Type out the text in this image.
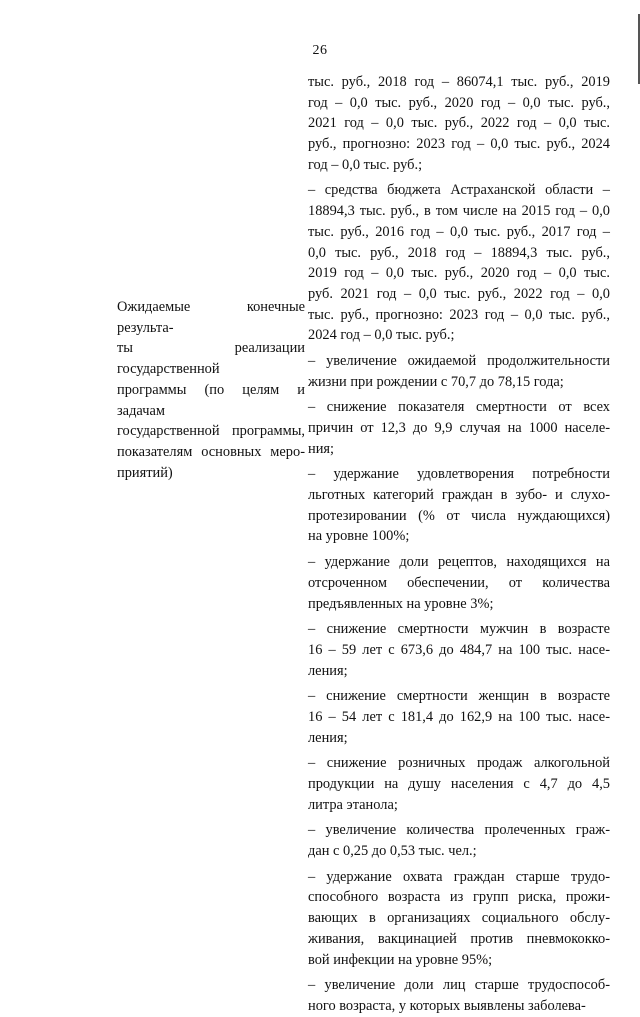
26
Ожидаемые конечные результа-
ты реализации государственной
программы (по целям и задачам
государственной программы,
показателям основных меро-
приятий)
тыс. руб., 2018 год – 86074,1 тыс. руб., 2019
год – 0,0 тыс. руб., 2020 год – 0,0 тыс. руб.,
2021 год – 0,0 тыс. руб., 2022 год – 0,0 тыс.
руб., прогнозно: 2023 год – 0,0 тыс. руб., 2024
год – 0,0 тыс. руб.;
– средства бюджета Астраханской области –
18894,3 тыс. руб., в том числе на 2015 год – 0,0
тыс. руб., 2016 год – 0,0 тыс. руб., 2017 год –
0,0 тыс. руб., 2018 год – 18894,3 тыс. руб.,
2019 год – 0,0 тыс. руб., 2020 год – 0,0 тыс.
руб. 2021 год – 0,0 тыс. руб., 2022 год – 0,0
тыс. руб., прогнозно: 2023 год – 0,0 тыс. руб.,
2024 год – 0,0 тыс. руб.;
– увеличение ожидаемой продолжительности
жизни при рождении с 70,7 до 78,15 года;
– снижение показателя смертности от всех
причин от 12,3 до 9,9 случая на 1000 населе-
ния;
– удержание удовлетворения потребности
льготных категорий граждан в зубо- и слухо-
протезировании (% от числа нуждающихся)
на уровне 100%;
– удержание доли рецептов, находящихся на
отсроченном обеспечении, от количества
предъявленных на уровне 3%;
– снижение смертности мужчин в возрасте
16 – 59 лет с 673,6 до 484,7 на 100 тыс. насе-
ления;
– снижение смертности женщин в возрасте
16 – 54 лет с 181,4 до 162,9 на 100 тыс. насе-
ления;
– снижение розничных продаж алкогольной
продукции на душу населения с 4,7 до 4,5
литра этанола;
– увеличение количества пролеченных граж-
дан с 0,25 до 0,53 тыс. чел.;
– удержание охвата граждан старше трудо-
способного возраста из групп риска, прожи-
вающих в организациях социального обслу-
живания, вакцинацией против пневмококко-
вой инфекции на уровне 95%;
– увеличение доли лиц старше трудоспособ-
ного возраста, у которых выявлены заболева-
